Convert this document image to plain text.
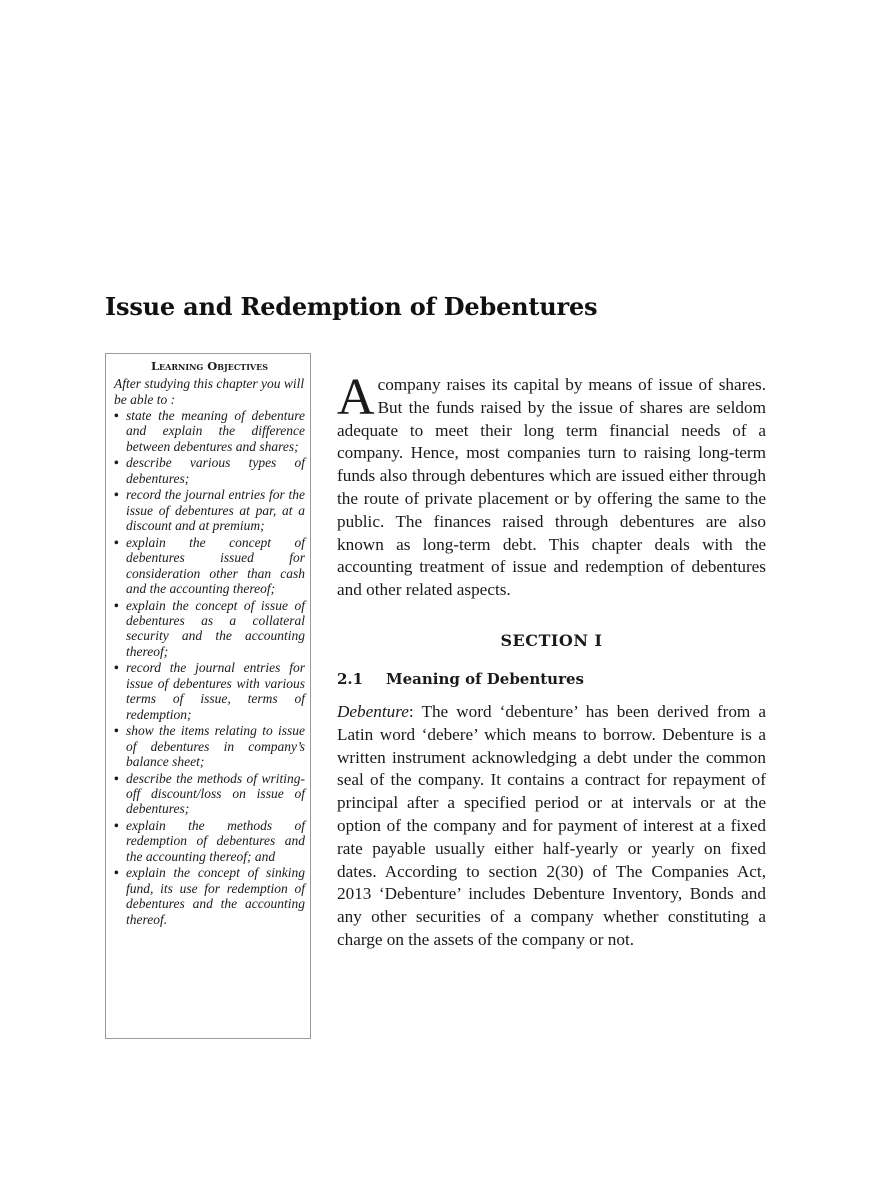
Issue and Redemption of Debentures
Learning Objectives

After studying this chapter you will be able to :

• state the meaning of debenture and explain the difference between debentures and shares;
• describe various types of debentures;
• record the journal entries for the issue of debentures at par, at a discount and at premium;
• explain the concept of debentures issued for consideration other than cash and the accounting thereof;
• explain the concept of issue of debentures as a collateral security and the accounting thereof;
• record the journal entries for issue of debentures with various terms of issue, terms of redemption;
• show the items relating to issue of debentures in company’s balance sheet;
• describe the methods of writing-off discount/loss on issue of debentures;
• explain the methods of redemption of debentures and the accounting thereof; and
• explain the concept of sinking fund, its use for redemption of debentures and the accounting thereof.

A company raises its capital by means of issue of shares. But the funds raised by the issue of shares are seldom adequate to meet their long term financial needs of a company. Hence, most companies turn to raising long-term funds also through debentures which are issued either through the route of private placement or by offering the same to the public. The finances raised through debentures are also known as long-term debt. This chapter deals with the accounting treatment of issue and redemption of debentures and other related aspects.

SECTION I
2.1 Meaning of Debentures

Debenture: The word ‘debenture’ has been derived from a Latin word ‘debere’ which means to borrow. Debenture is a written instrument acknowledging a debt under the common seal of the company. It contains a contract for repayment of principal after a specified period or at intervals or at the option of the company and for payment of interest at a fixed rate payable usually either half-yearly or yearly on fixed dates. According to section 2(30) of The Companies Act, 2013 ‘Debenture’ includes Debenture Inventory, Bonds and any other securities of a company whether constituting a charge on the assets of the company or not.
